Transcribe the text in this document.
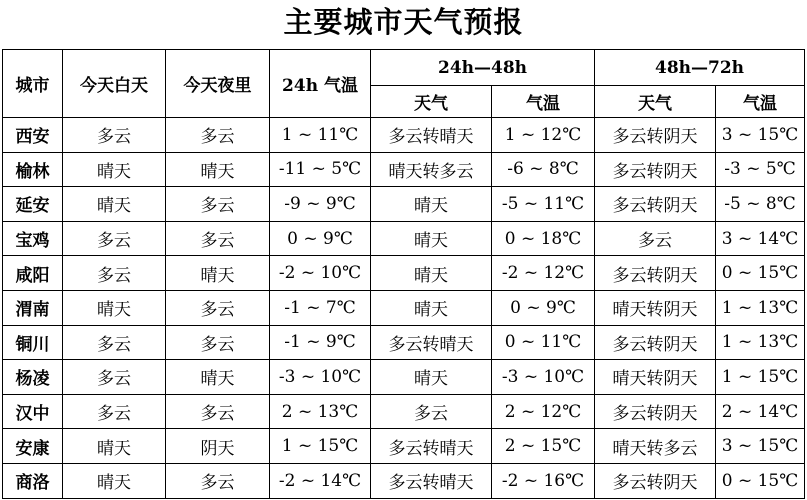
主要城市天气预报
城市	今天白天	今天夜里	24h 气温	24h—48h		48h—72h	
				天气	气温	天气	气温
西安	多云	多云	1 ~ 11℃	多云转晴天	1 ~ 12℃	多云转阴天	3 ~ 15℃
榆林	晴天	晴天	-11 ~ 5℃	晴天转多云	-6 ~ 8℃	多云转阴天	-3 ~ 5℃
延安	晴天	多云	-9 ~ 9℃	晴天	-5 ~ 11℃	多云转阴天	-5 ~ 8℃
宝鸡	多云	多云	0 ~ 9℃	晴天	0 ~ 18℃	多云	3 ~ 14℃
咸阳	多云	晴天	-2 ~ 10℃	晴天	-2 ~ 12℃	多云转阴天	0 ~ 15℃
渭南	晴天	多云	-1 ~ 7℃	晴天	0 ~ 9℃	晴天转阴天	1 ~ 13℃
铜川	多云	多云	-1 ~ 9℃	多云转晴天	0 ~ 11℃	多云转阴天	1 ~ 13℃
杨凌	多云	晴天	-3 ~ 10℃	晴天	-3 ~ 10℃	晴天转阴天	1 ~ 15℃
汉中	多云	多云	2 ~ 13℃	多云	2 ~ 12℃	多云转阴天	2 ~ 14℃
安康	晴天	阴天	1 ~ 15℃	多云转晴天	2 ~ 15℃	晴天转多云	3 ~ 15℃
商洛	晴天	多云	-2 ~ 14℃	多云转晴天	-2 ~ 16℃	多云转阴天	0 ~ 15℃
